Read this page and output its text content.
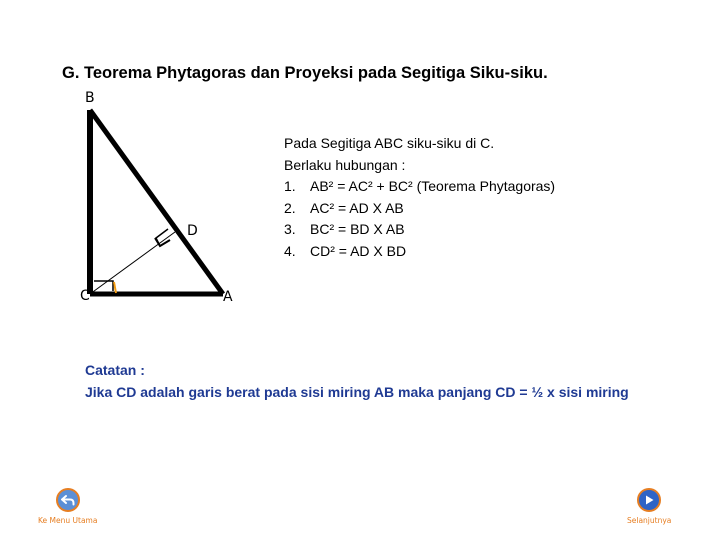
G. Teorema Phytagoras dan Proyeksi pada Segitiga Siku-siku.
B
C	A
D
Pada Segitiga ABC siku-siku di C.
Berlaku hubungan :
1. AB² = AC² + BC² (Teorema Phytagoras)
2. AC² = AD X AB
3. BC² = BD X AB
4. CD² = AD X BD
Catatan :
Jika CD adalah garis berat pada sisi miring AB maka panjang CD = ½ x sisi miring
Ke Menu Utama	Selanjutnya
